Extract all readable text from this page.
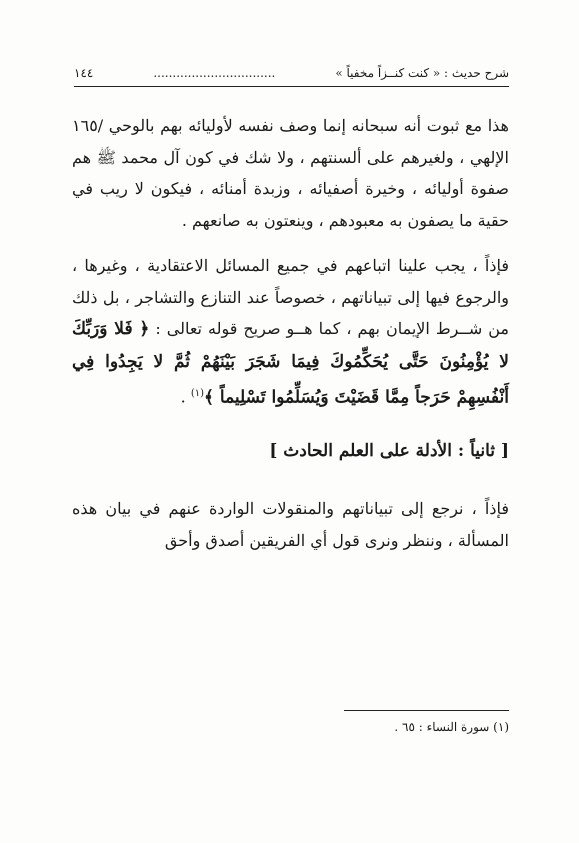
شرح حديث : « كنت كنــزاً مخفياً »
................................
١٤٤

هذا مع ثبوت أنه سبحانه إنما وصف نفسه لأوليائه بهم بالوحي /١٦٥ الإلهي ، ولغيرهم على ألسنتهم ، ولا شك في كون آل محمد ﷺ هم صفوة أوليائه ، وخيرة أصفيائه ، وزبدة أمنائه ، فيكون لا ريب في حقية ما يصفون به معبودهم ، وينعتون به صانعهم .

فإذاً ، يجب علينا اتباعهم في جميع المسائل الاعتقادية ، وغيرها ، والرجوع فيها إلى تبياناتهم ، خصوصاً عند التنازع والتشاجر ، بل ذلك من شــرط الإيمان بهم ، كما هــو صريح قوله تعالى : ﴿ فَلا وَرَبِّكَ لا يُؤْمِنُونَ حَتَّى يُحَكِّمُوكَ فِيمَا شَجَرَ بَيْنَهُمْ ثُمَّ لا يَجِدُوا فِي أَنْفُسِهِمْ حَرَجاً مِمَّا قَضَيْتَ وَيُسَلِّمُوا تَسْلِيماً ﴾$^{(١)}$ .

[ ثانياً : الأدلة على العلم الحادث ]

فإذاً ، نرجع إلى تبياناتهم والمنقولات الواردة عنهم في بيان هذه المسألة ، وننظر ونرى قول أي الفريقين أصدق وأحق

(١) سورة النساء : ٦٥ .
